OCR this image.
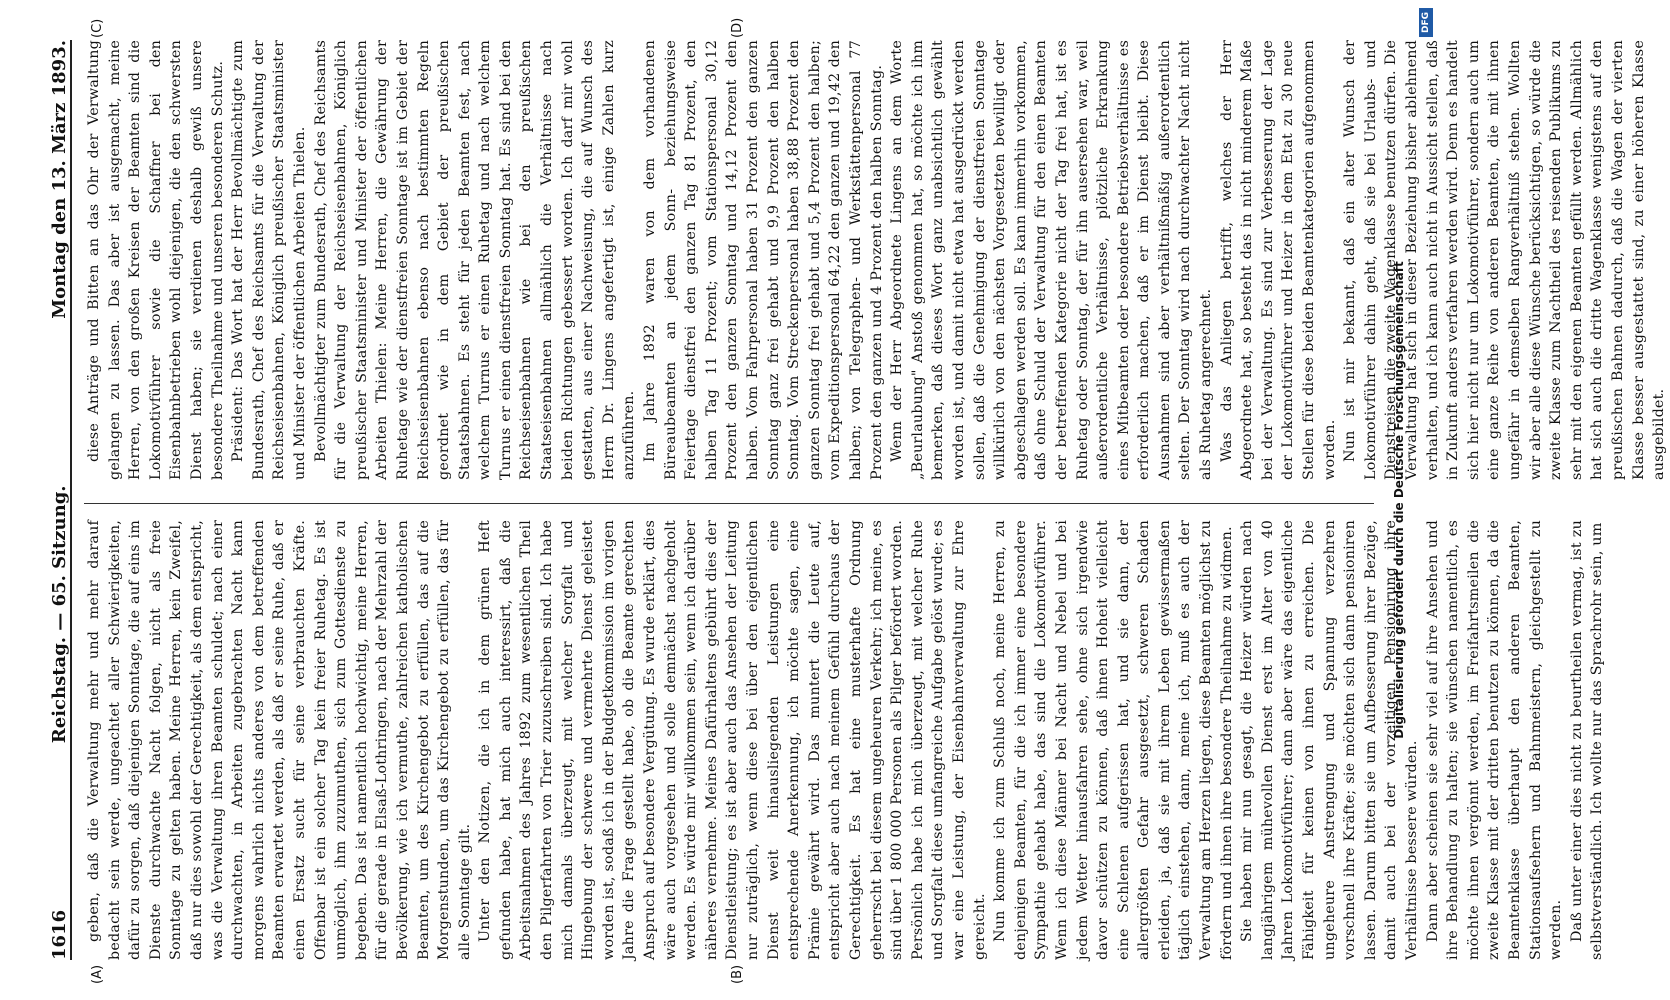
1616
Reichstag. — 65. Sitzung.
Montag den 13. März 1893.
(A)	(B)
(C)	(D)

geben, daß die Verwaltung mehr und mehr darauf bedacht sein werde, ungeachtet aller Schwierigkeiten, dafür zu sorgen, daß diejenigen Sonntage, die auf eins im Dienste durchwachte Nacht folgen, nicht als freie Sonntage zu gelten haben. Meine Herren, kein Zweifel, daß nur dies sowohl der Gerechtigkeit, als dem entspricht, was die Verwaltung ihren Beamten schuldet; nach einer durchwachten, in Arbeiten zugebrachten Nacht kann morgens wahrlich nichts anderes von dem betreffenden Beamten erwartet werden, als daß er seine Ruhe, daß er einen Ersatz sucht für seine verbrauchten Kräfte. Offenbar ist ein solcher Tag kein freier Ruhetag. Es ist unmöglich, ihm zuzumuthen, sich zum Gottesdienste zu begeben. Das ist namentlich hochwichtig, meine Herren, für die gerade in Elsaß-Lothringen, nach der Mehrzahl der Bevölkerung, wie ich vermuthe, zahlreichen katholischen Beamten, um des Kirchengebot zu erfüllen, das auf die Morgenstunden, um das Kirchengebot zu erfüllen, das für alle Sonntage gilt. Unter den Notizen, die ich in dem grünen Heft gefunden habe, hat mich auch interessirt, daß die Arbeitsnahmen des Jahres 1892 zum wesentlichen Theil den Pilgerfahrten von Trier zuzuschreiben sind. Ich habe mich damals überzeugt, mit welcher Sorgfalt und Hingebung der schwere und vermehrte Dienst geleistet worden ist, sodaß ich in der Budgetkommission im vorigen Jahre die Frage gestellt habe, ob die Beamte gerechten Anspruch auf besondere Vergütung. Es wurde erklärt, dies wäre auch vorgesehen und solle demnächst nachgeholt werden. Es würde mir willkommen sein, wenn ich darüber näheres vernehme. Meines Dafürhaltens gebührt dies der Dienstleistung; es ist aber auch das Ansehen der Leitung nur zuträglich, wenn diese bei über den eigentlichen Dienst weit hinausliegenden Leistungen eine entsprechende Anerkennung, ich möchte sagen, eine Prämie gewährt wird. Das muntert die Leute auf, entspricht aber auch nach meinem Gefühl durchaus der Gerechtigkeit. Es hat eine musterhafte Ordnung geherrscht bei diesem ungeheuren Verkehr; ich meine, es sind über 1 800 000 Personen als Pilger befördert worden. Persönlich habe ich mich überzeugt, mit welcher Ruhe und Sorgfalt diese umfangreiche Aufgabe gelöst wurde; es war eine Leistung, der Eisenbahnverwaltung zur Ehre gereicht. Nun komme ich zum Schluß noch, meine Herren, zu denjenigen Beamten, für die ich immer eine besondere Sympathie gehabt habe, das sind die Lokomotivführer. Wenn ich diese Männer bei Nacht und Nebel und bei jedem Wetter hinausfahren sehe, ohne sich irgendwie davor schützen zu können, daß ihnen Hoheit vielleicht eine Schlenen aufgerissen hat, und sie dann, der allergrößten Gefahr ausgesetzt, schweren Schaden erleiden, ja, daß sie mit ihrem Leben gewissermaßen täglich einstehen, dann, meine ich, muß es auch der Verwaltung am Herzen liegen, diese Beamten möglichst zu fördern und ihnen ihre besondere Theilnahme zu widmen. Sie haben mir nun gesagt, die Heizer würden nach langjährigem mühevollen Dienst erst im Alter von 40 Jahren Lokomotivführer; dann aber wäre das eigentliche Fähigkeit für keinen von ihnen zu erreichen. Die ungeheure Anstrengung und Spannung verzehren vorschnell ihre Kräfte; sie möchten sich dann pensioniren lassen. Darum bitten sie um Aufbesserung ihrer Bezüge, damit auch bei der vorzeitigen Pensionirung ihre Verhältnisse bessere würden. Dann aber scheinen sie sehr viel auf ihre Ansehen und ihre Behandlung zu halten; sie wünschen namentlich, es möchte ihnen vergönnt werden, im Freifahrtsmeilen die zweite Klasse mit der dritten benutzen zu können, da die Beamtenklasse überhaupt den anderen Beamten, Stationsaufsehern und Bahnmeistern, gleichgestellt zu werden. Daß unter einer dies nicht zu beurtheilen vermag, ist zu selbstverständlich. Ich wollte nur das Sprachrohr sein, um

diese Anträge und Bitten an das Ohr der Verwaltung gelangen zu lassen. Das aber ist ausgemacht, meine Herren, von den großen Kreisen der Beamten sind die Lokomotivführer sowie die Schaffner bei den Eisenbahnbetrieben wohl diejenigen, die den schwersten Dienst haben; sie verdienen deshalb gewiß unsere besondere Theilnahme und unseren besonderen Schutz. Präsident: Das Wort hat der Herr Bevollmächtigte zum Bundesrath, Chef des Reichsamts für die Verwaltung der Reichseisenbahnen, Königlich preußischer Staatsminister und Minister der öffentlichen Arbeiten Thielen. Bevollmächtigter zum Bundesrath, Chef des Reichsamts für die Verwaltung der Reichseisenbahnen, Königlich preußischer Staatsminister und Minister der öffentlichen Arbeiten Thielen: Meine Herren, die Gewährung der Ruhetage wie der dienstfreien Sonntage ist im Gebiet der Reichseisenbahnen ebenso nach bestimmten Regeln geordnet wie in dem Gebiet der preußischen Staatsbahnen. Es steht für jeden Beamten fest, nach welchem Turnus er einen Ruhetag und nach welchem Turnus er einen dienstfreien Sonntag hat. Es sind bei den Reichseisenbahnen wie bei den preußischen Staatseisenbahnen allmählich die Verhältnisse nach beiden Richtungen gebessert worden. Ich darf mir wohl gestatten, aus einer Nachweisung, die auf Wunsch des Herrn Dr. Lingens angefertigt ist, einige Zahlen kurz anzuführen. Im Jahre 1892 waren von dem vorhandenen Büreaubeamten an jedem Sonn- beziehungsweise Feiertage dienstfrei den ganzen Tag 81 Prozent, den halben Tag 11 Prozent; vom Stationspersonal 30,12 Prozent den ganzen Sonntag und 14,12 Prozent den halben. Vom Fahrpersonal haben 31 Prozent den ganzen Sonntag ganz frei gehabt und 9,9 Prozent den halben Sonntag. Vom Streckenpersonal haben 38,88 Prozent den ganzen Sonntag frei gehabt und 5,4 Prozent den halben; vom Expeditionspersonal 64,22 den ganzen und 19,42 den halben; von Telegraphen- und Werkstättenpersonal 77 Prozent den ganzen und 4 Prozent den halben Sonntag. Wenn der Herr Abgeordnete Lingens an dem Worte „Beurlaubung" Anstoß genommen hat, so möchte ich ihm bemerken, daß dieses Wort ganz unabsichtlich gewählt worden ist, und damit nicht etwa hat ausgedrückt werden sollen, daß die Genehmigung der dienstfreien Sonntage willkürlich von den nächsten Vorgesetzten bewilligt oder abgeschlagen werden soll. Es kann immerhin vorkommen, daß ohne Schuld der Verwaltung für den einen Beamten der betreffenden Kategorie nicht der Tag frei hat, ist es Ruhetag oder Sonntag, der für ihn ausersehen war, weil außerordentliche Verhältnisse, plötzliche Erkrankung eines Mitbeamten oder besondere Betriebsverhältnisse es erforderlich machen, daß er im Dienst bleibt. Diese Ausnahmen sind aber verhältnißmäßig außerordentlich selten. Der Sonntag wird nach durchwachter Nacht nicht als Ruhetag angerechnet. Was das Anliegen betrifft, welches der Herr Abgeordnete hat, so besteht das in nicht minderem Maße bei der Verwaltung. Es sind zur Verbesserung der Lage der Lokomotivführer und Heizer in dem Etat zu 30 neue Stellen für diese beiden Beamtenkategorien aufgenommen worden. Nun ist mir bekannt, daß ein alter Wunsch der Lokomotivführer dahin geht, daß sie bei Urlaubs- und Dienstreisen die zweite Wagenklasse benutzen dürfen. Die Verwaltung hat sich in dieser Beziehung bisher ablehnend verhalten, und ich kann auch nicht in Aussicht stellen, daß in Zukunft anders verfahren werden wird. Denn es handelt sich hier nicht nur um Lokomotivführer, sondern auch um eine ganze Reihe von anderen Beamten, die mit ihnen ungefähr in demselben Rangverhältniß stehen. Wollten wir aber alle diese Wünsche berücksichtigen, so würde die zweite Klasse zum Nachtheil des reisenden Publikums zu sehr mit den eigenen Beamten gefüllt werden. Allmählich hat sich auch die dritte Wagenklasse wenigstens auf den preußischen Bahnen dadurch, daß die Wagen der vierten Klasse besser ausgestattet sind, zu einer höheren Klasse ausgebildet.

Digitalisierung gefördert durch die Deutsche Forschungsgemeinschaft
DFG
